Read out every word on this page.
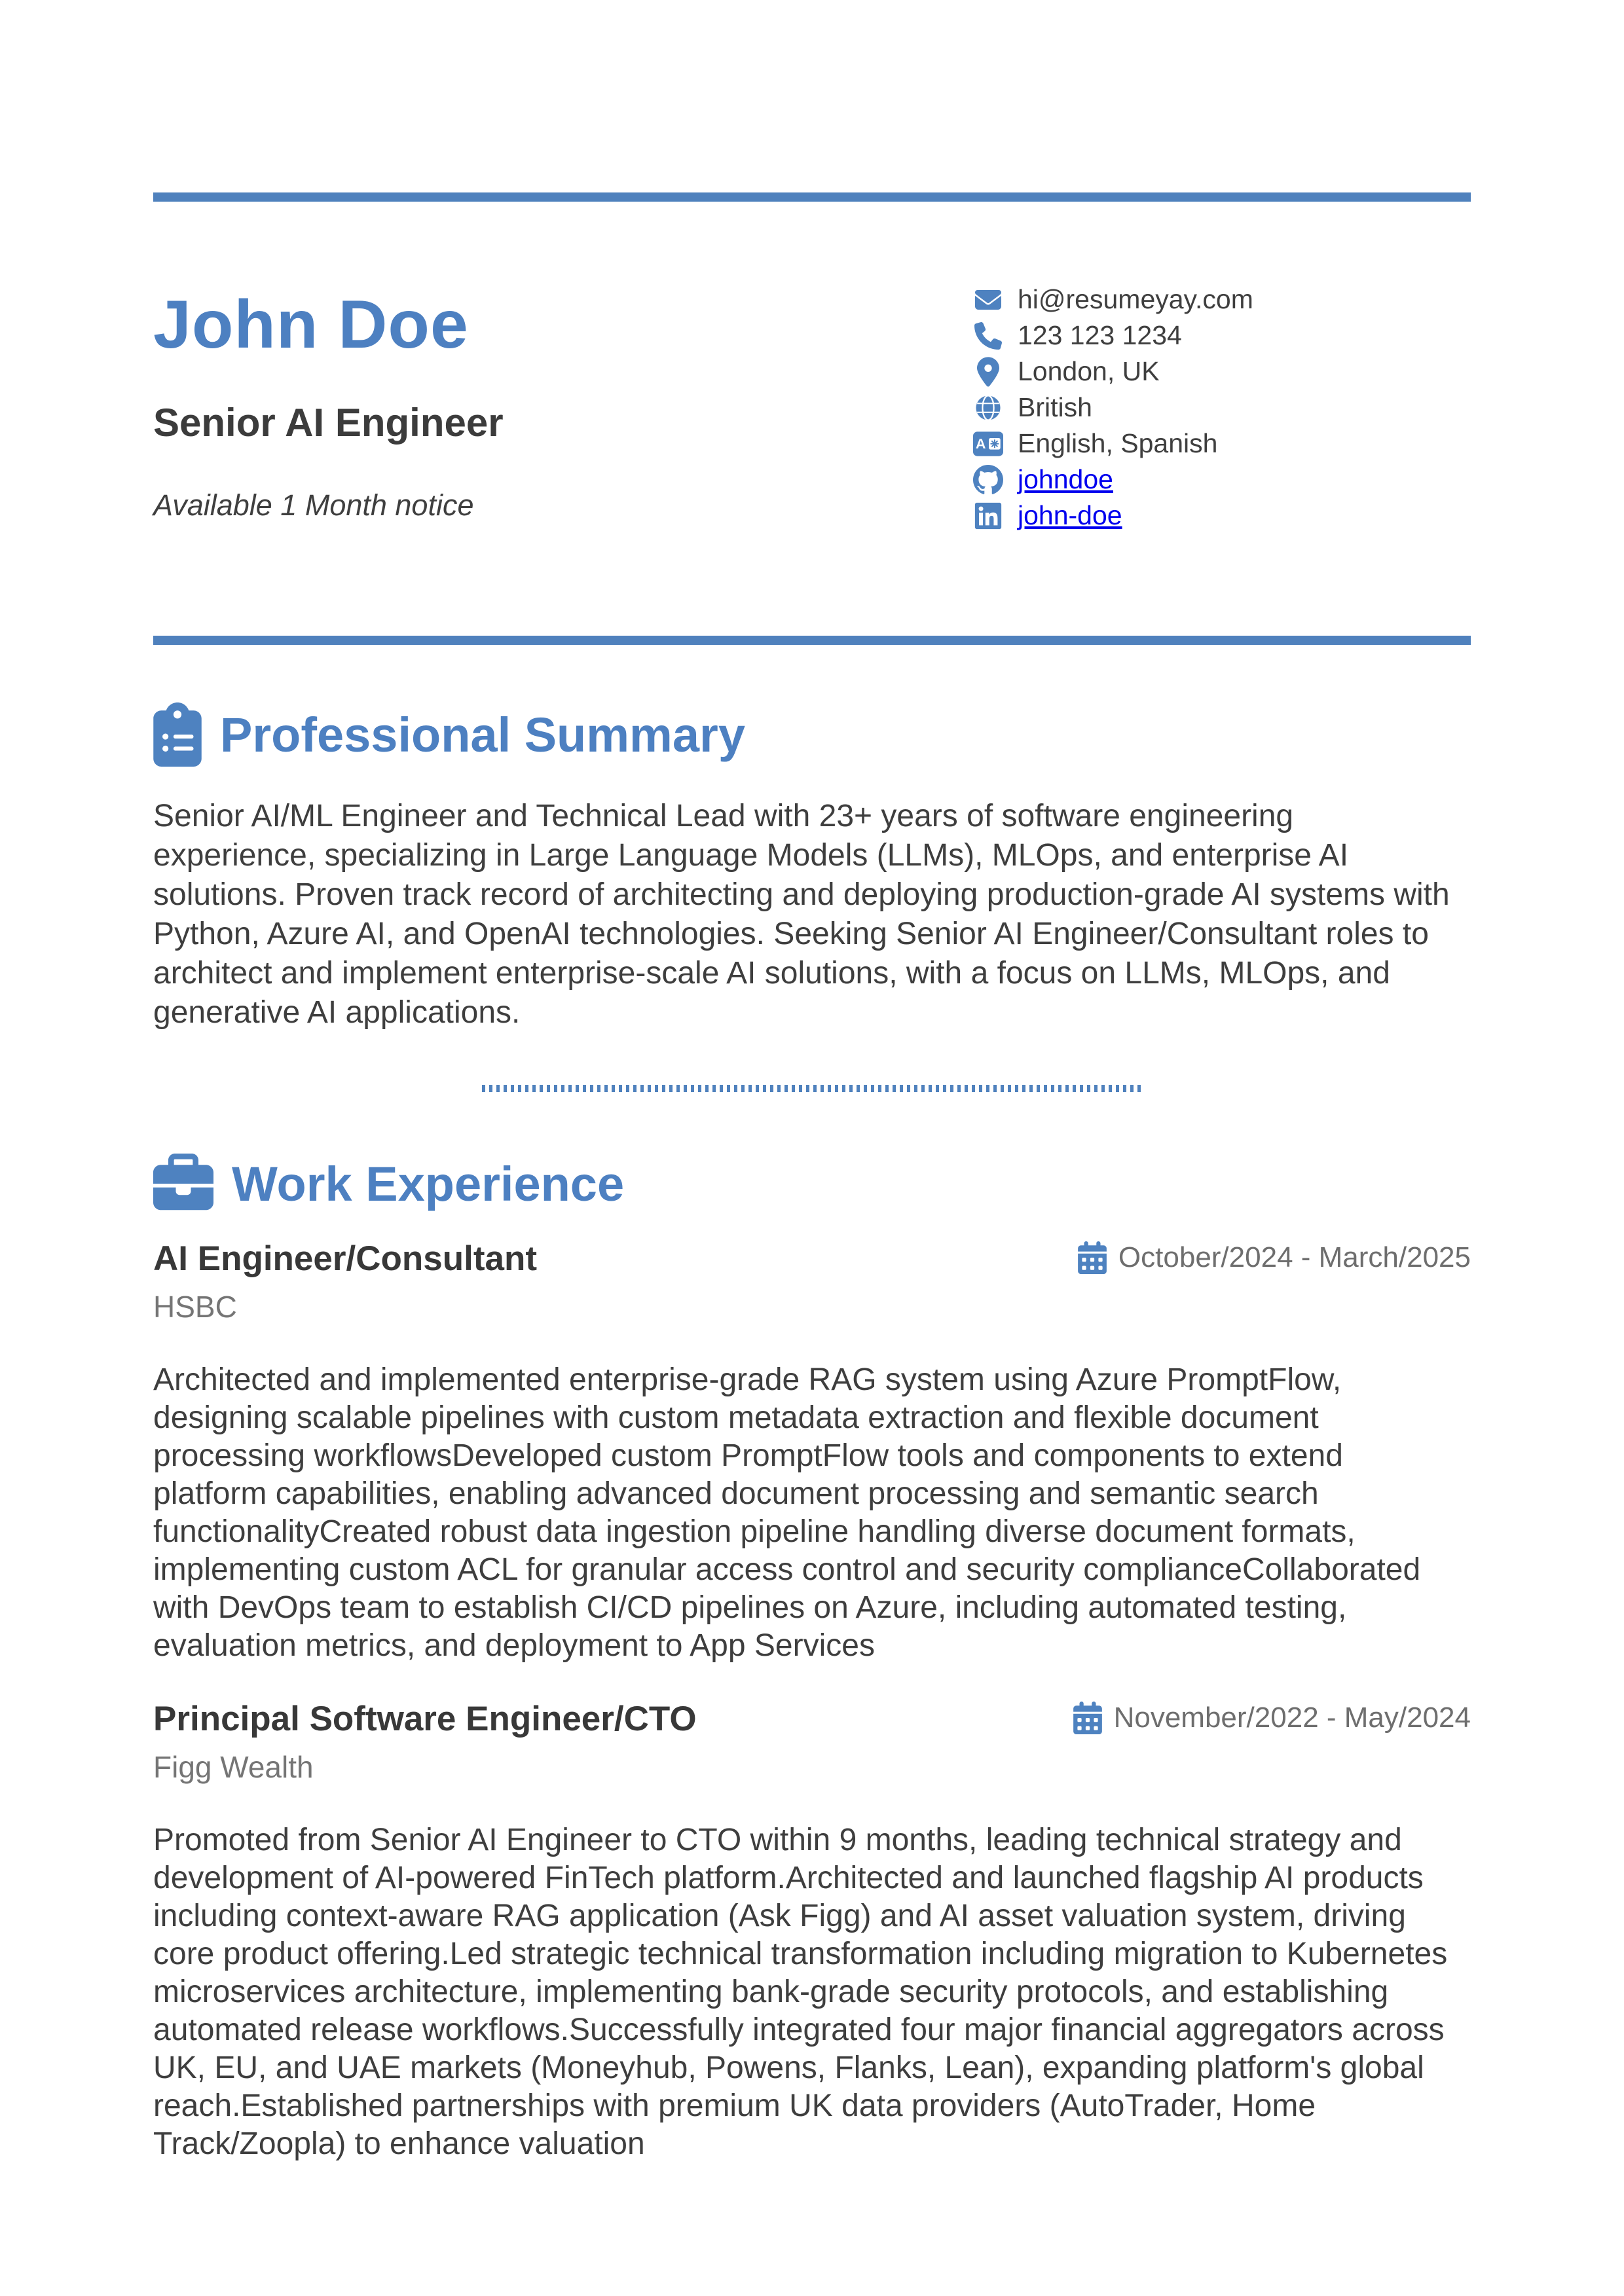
John Doe
Senior AI Engineer
Available 1 Month notice
hi@resumeyay.com
123 123 1234
London, UK
British
A English, Spanish
johndoe
john-doe
Professional Summary
Senior AI/ML Engineer and Technical Lead with 23+ years of software engineering experience, specializing in Large Language Models (LLMs), MLOps, and enterprise AI solutions. Proven track record of architecting and deploying production-grade AI systems with Python, Azure AI, and OpenAI technologies. Seeking Senior AI Engineer/Consultant roles to architect and implement enterprise-scale AI solutions, with a focus on LLMs, MLOps, and generative AI applications.
Work Experience
AI Engineer/Consultant	October/2024 - March/2025
HSBC
Architected and implemented enterprise-grade RAG system using Azure PromptFlow, designing scalable pipelines with custom metadata extraction and flexible document processing workflowsDeveloped custom PromptFlow tools and components to extend platform capabilities, enabling advanced document processing and semantic search functionalityCreated robust data ingestion pipeline handling diverse document formats, implementing custom ACL for granular access control and security complianceCollaborated with DevOps team to establish CI/CD pipelines on Azure, including automated testing, evaluation metrics, and deployment to App Services
Principal Software Engineer/CTO	November/2022 - May/2024
Figg Wealth
Promoted from Senior AI Engineer to CTO within 9 months, leading technical strategy and development of AI-powered FinTech platform.Architected and launched flagship AI products including context-aware RAG application (Ask Figg) and AI asset valuation system, driving core product offering.Led strategic technical transformation including migration to Kubernetes microservices architecture, implementing bank-grade security protocols, and establishing automated release workflows.Successfully integrated four major financial aggregators across UK, EU, and UAE markets (Moneyhub, Powens, Flanks, Lean), expanding platform's global reach.Established partnerships with premium UK data providers (AutoTrader, Home Track/Zoopla) to enhance valuation
